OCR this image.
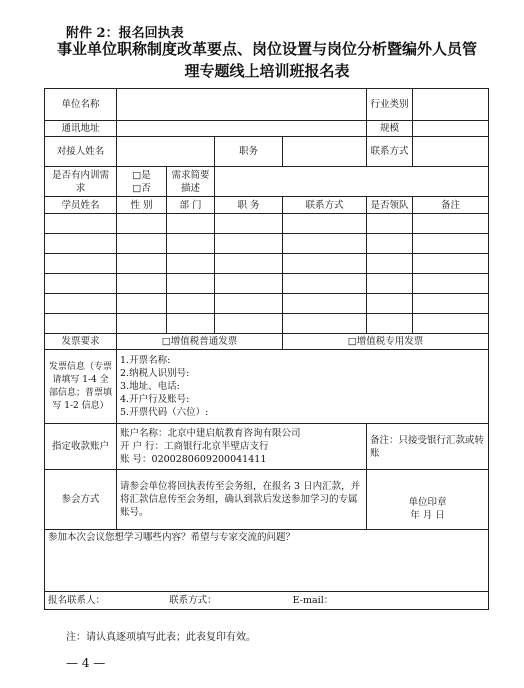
附件 2：报名回执表
事业单位职称制度改革要点、岗位设置与岗位分析暨编外人员管
理专题线上培训班报名表
单位名称					行业类别	
通讯地址					规模	
对接人姓名			职务		联系方式	
是否有内训需求	□是
□否	需求简要描述				
学员姓名	性 别	部 门	职 务	联系方式	是否领队	备注

发票要求	□增值税普通发票			□增值税专用发票		
发票信息（专票请填写 1-4 全部信息；普票填写 1-2 信息）	1.开票名称:
2.纳税人识别号:
3.地址、电话:
4.开户行及账号:
5.开票代码（六位）:					

指定收款账户	账户名称：北京中建启航教育咨询有限公司
开 户 行：工商银行北京半壁店支行
账 号：0200280609200041411				备注：只接受银行汇款或转账	
参会方式	请参会单位将回执表传至会务组，在报名 3 日内汇款，并将汇款信息传至会务组，确认到款后发送参加学习的专属账号。				单位印章
年 月 日	

参加本次会议您想学习哪些内容？希望与专家交流的问题？						

报名联系人： 联系方式： E-mail：						
注：请认真逐项填写此表；此表复印有效。
— 4 —
